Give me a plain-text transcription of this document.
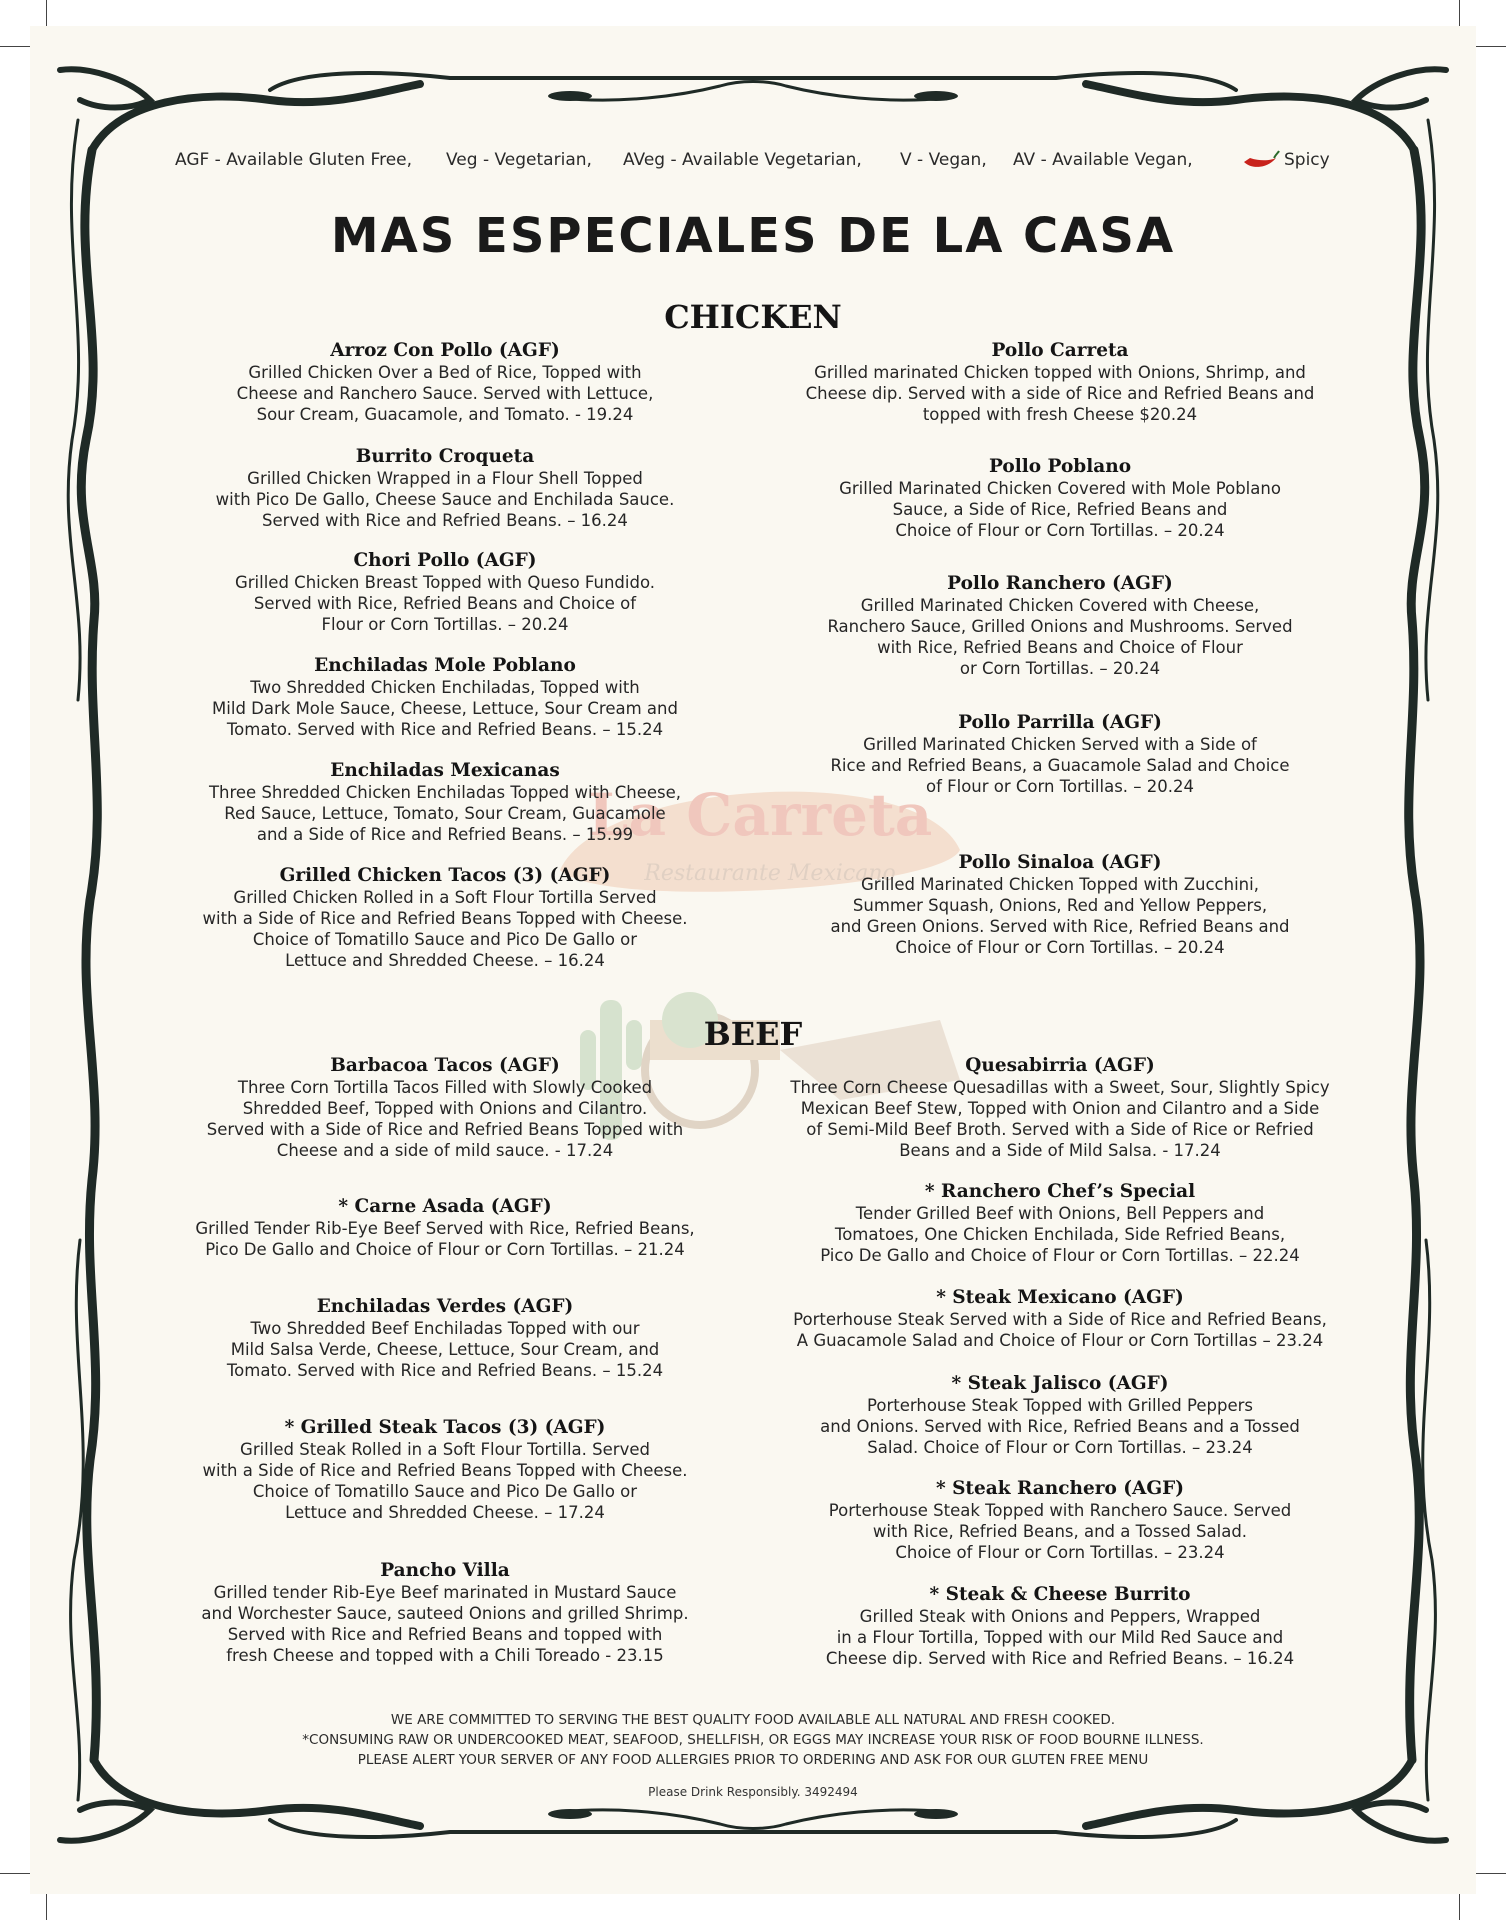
La Carreta
Restaurante Mexicano
AGF - Available Gluten Free, Veg - Vegetarian, AVeg - Available Vegetarian, V - Vegan, AV - Available Vegan,	Spicy
MAS ESPECIALES DE LA CASA
CHICKEN
BEEF
Arroz Con Pollo (AGF)
Grilled Chicken Over a Bed of Rice, Topped with
Cheese and Ranchero Sauce. Served with Lettuce,
Sour Cream, Guacamole, and Tomato. - 19.24
Burrito Croqueta
Grilled Chicken Wrapped in a Flour Shell Topped
with Pico De Gallo, Cheese Sauce and Enchilada Sauce.
Served with Rice and Refried Beans. – 16.24
Chori Pollo (AGF)
Grilled Chicken Breast Topped with Queso Fundido.
Served with Rice, Refried Beans and Choice of
Flour or Corn Tortillas. – 20.24
Enchiladas Mole Poblano
Two Shredded Chicken Enchiladas, Topped with
Mild Dark Mole Sauce, Cheese, Lettuce, Sour Cream and
Tomato. Served with Rice and Refried Beans. – 15.24
Enchiladas Mexicanas
Three Shredded Chicken Enchiladas Topped with Cheese,
Red Sauce, Lettuce, Tomato, Sour Cream, Guacamole
and a Side of Rice and Refried Beans. – 15.99
Grilled Chicken Tacos (3) (AGF)
Grilled Chicken Rolled in a Soft Flour Tortilla Served
with a Side of Rice and Refried Beans Topped with Cheese.
Choice of Tomatillo Sauce and Pico De Gallo or
Lettuce and Shredded Cheese. – 16.24
Pollo Carreta
Grilled marinated Chicken topped with Onions, Shrimp, and
Cheese dip. Served with a side of Rice and Refried Beans and
topped with fresh Cheese $20.24
Pollo Poblano
Grilled Marinated Chicken Covered with Mole Poblano
Sauce, a Side of Rice, Refried Beans and
Choice of Flour or Corn Tortillas. – 20.24
Pollo Ranchero (AGF)
Grilled Marinated Chicken Covered with Cheese,
Ranchero Sauce, Grilled Onions and Mushrooms. Served
with Rice, Refried Beans and Choice of Flour
or Corn Tortillas. – 20.24
Pollo Parrilla (AGF)
Grilled Marinated Chicken Served with a Side of
Rice and Refried Beans, a Guacamole Salad and Choice
of Flour or Corn Tortillas. – 20.24
Pollo Sinaloa (AGF)
Grilled Marinated Chicken Topped with Zucchini,
Summer Squash, Onions, Red and Yellow Peppers,
and Green Onions. Served with Rice, Refried Beans and
Choice of Flour or Corn Tortillas. – 20.24
Barbacoa Tacos (AGF)
Three Corn Tortilla Tacos Filled with Slowly Cooked
Shredded Beef, Topped with Onions and Cilantro.
Served with a Side of Rice and Refried Beans Topped with
Cheese and a side of mild sauce. - 17.24
* Carne Asada (AGF)
Grilled Tender Rib-Eye Beef Served with Rice, Refried Beans,
Pico De Gallo and Choice of Flour or Corn Tortillas. – 21.24
Enchiladas Verdes (AGF)
Two Shredded Beef Enchiladas Topped with our
Mild Salsa Verde, Cheese, Lettuce, Sour Cream, and
Tomato. Served with Rice and Refried Beans. – 15.24
* Grilled Steak Tacos (3) (AGF)
Grilled Steak Rolled in a Soft Flour Tortilla. Served
with a Side of Rice and Refried Beans Topped with Cheese.
Choice of Tomatillo Sauce and Pico De Gallo or
Lettuce and Shredded Cheese. – 17.24
Pancho Villa
Grilled tender Rib-Eye Beef marinated in Mustard Sauce
and Worchester Sauce, sauteed Onions and grilled Shrimp.
Served with Rice and Refried Beans and topped with
fresh Cheese and topped with a Chili Toreado - 23.15
Quesabirria (AGF)
Three Corn Cheese Quesadillas with a Sweet, Sour, Slightly Spicy
Mexican Beef Stew, Topped with Onion and Cilantro and a Side
of Semi-Mild Beef Broth. Served with a Side of Rice or Refried
Beans and a Side of Mild Salsa. - 17.24
* Ranchero Chef’s Special
Tender Grilled Beef with Onions, Bell Peppers and
Tomatoes, One Chicken Enchilada, Side Refried Beans,
Pico De Gallo and Choice of Flour or Corn Tortillas. – 22.24
* Steak Mexicano (AGF)
Porterhouse Steak Served with a Side of Rice and Refried Beans,
A Guacamole Salad and Choice of Flour or Corn Tortillas – 23.24
* Steak Jalisco (AGF)
Porterhouse Steak Topped with Grilled Peppers
and Onions. Served with Rice, Refried Beans and a Tossed
Salad. Choice of Flour or Corn Tortillas. – 23.24
* Steak Ranchero (AGF)
Porterhouse Steak Topped with Ranchero Sauce. Served
with Rice, Refried Beans, and a Tossed Salad.
Choice of Flour or Corn Tortillas. – 23.24
* Steak & Cheese Burrito
Grilled Steak with Onions and Peppers, Wrapped
in a Flour Tortilla, Topped with our Mild Red Sauce and
Cheese dip. Served with Rice and Refried Beans. – 16.24
WE ARE COMMITTED TO SERVING THE BEST QUALITY FOOD AVAILABLE ALL NATURAL AND FRESH COOKED.
*CONSUMING RAW OR UNDERCOOKED MEAT, SEAFOOD, SHELLFISH, OR EGGS MAY INCREASE YOUR RISK OF FOOD BOURNE ILLNESS.
PLEASE ALERT YOUR SERVER OF ANY FOOD ALLERGIES PRIOR TO ORDERING AND ASK FOR OUR GLUTEN FREE MENU
Please Drink Responsibly. 3492494
